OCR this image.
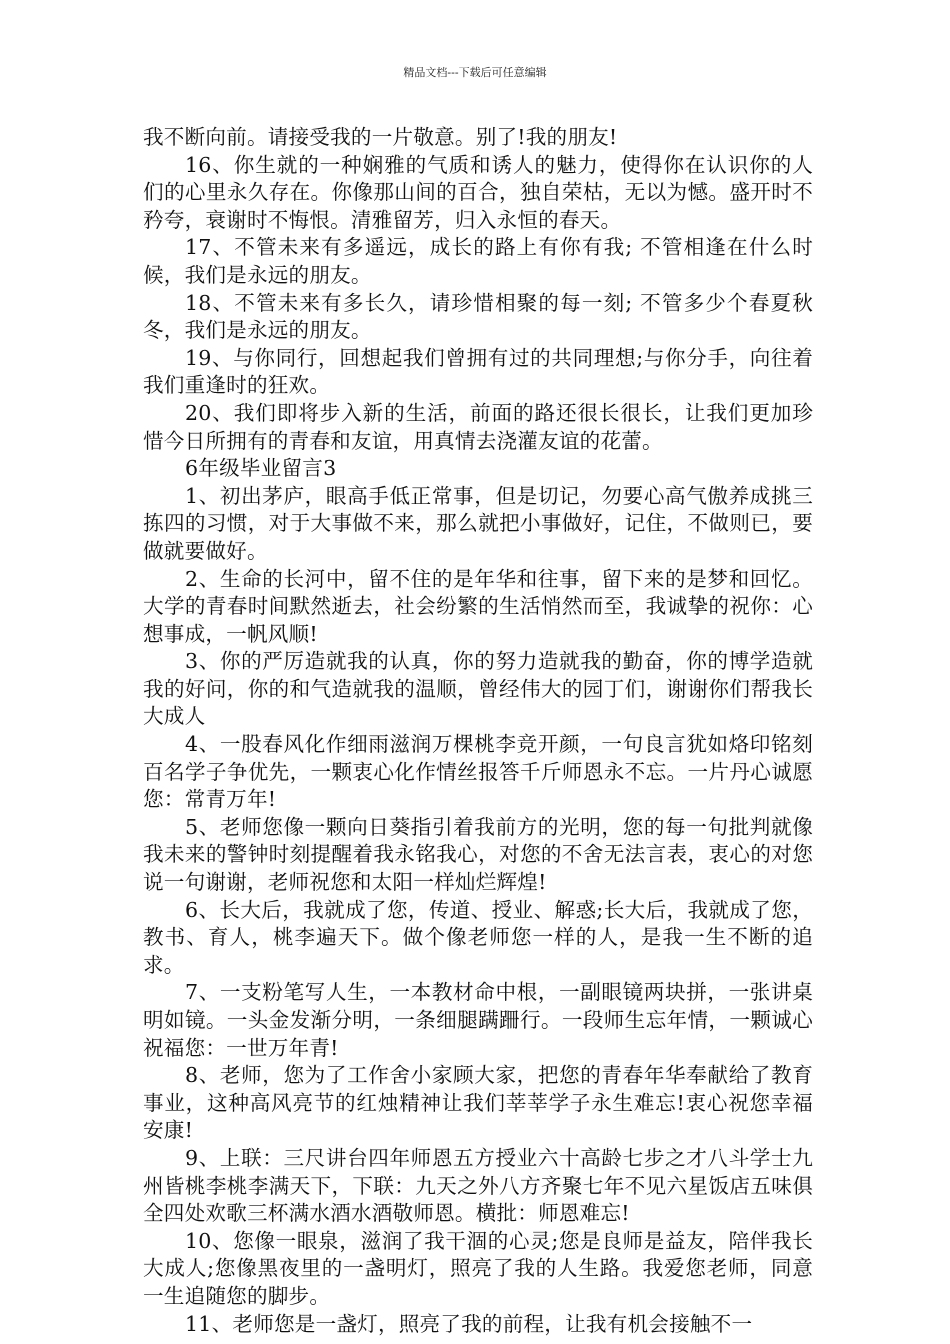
精品文档---下载后可任意编辑

我不断向前。请接受我的一片敬意。别了!我的朋友!

16、你生就的一种娴雅的气质和诱人的魅力，使得你在认识你的人们的心里永久存在。你像那山间的百合，独自荣枯，无以为憾。盛开时不矜夸，衰谢时不悔恨。清雅留芳，归入永恒的春天。

17、不管未来有多遥远，成长的路上有你有我; 不管相逢在什么时候，我们是永远的朋友。

18、不管未来有多长久，请珍惜相聚的每一刻; 不管多少个春夏秋冬，我们是永远的朋友。

19、与你同行，回想起我们曾拥有过的共同理想;与你分手，向往着我们重逢时的狂欢。

20、我们即将步入新的生活，前面的路还很长很长，让我们更加珍惜今日所拥有的青春和友谊，用真情去浇灌友谊的花蕾。

6年级毕业留言3

1、初出茅庐，眼高手低正常事，但是切记，勿要心高气傲养成挑三拣四的习惯，对于大事做不来，那么就把小事做好，记住，不做则已，要做就要做好。

2、生命的长河中，留不住的是年华和往事，留下来的是梦和回忆。大学的青春时间默然逝去，社会纷繁的生活悄然而至，我诚挚的祝你：心想事成，一帆风顺!

3、你的严厉造就我的认真，你的努力造就我的勤奋，你的博学造就我的好问，你的和气造就我的温顺，曾经伟大的园丁们，谢谢你们帮我长大成人

4、一股春风化作细雨滋润万棵桃李竞开颜，一句良言犹如烙印铭刻百名学子争优先，一颗衷心化作情丝报答千斤师恩永不忘。一片丹心诚愿您：常青万年!

5、老师您像一颗向日葵指引着我前方的光明，您的每一句批判就像我未来的警钟时刻提醒着我永铭我心，对您的不舍无法言表，衷心的对您说一句谢谢，老师祝您和太阳一样灿烂辉煌!

6、长大后，我就成了您，传道、授业、解惑;长大后，我就成了您，教书、育人，桃李遍天下。做个像老师您一样的人，是我一生不断的追求。

7、一支粉笔写人生，一本教材命中根，一副眼镜两块拼，一张讲桌明如镜。一头金发渐分明，一条细腿蹒跚行。一段师生忘年情，一颗诚心祝福您：一世万年青!

8、老师，您为了工作舍小家顾大家，把您的青春年华奉献给了教育事业，这种高风亮节的红烛精神让我们莘莘学子永生难忘!衷心祝您幸福安康!

9、上联：三尺讲台四年师恩五方授业六十高龄七步之才八斗学士九州皆桃李桃李满天下，下联：九天之外八方齐聚七年不见六星饭店五味俱全四处欢歌三杯满水酒水酒敬师恩。横批：师恩难忘!

10、您像一眼泉，滋润了我干涸的心灵;您是良师是益友，陪伴我长大成人;您像黑夜里的一盏明灯，照亮了我的人生路。我爱您老师，同意一生追随您的脚步。

11、老师您是一盏灯，照亮了我的前程，让我有机会接触不一
